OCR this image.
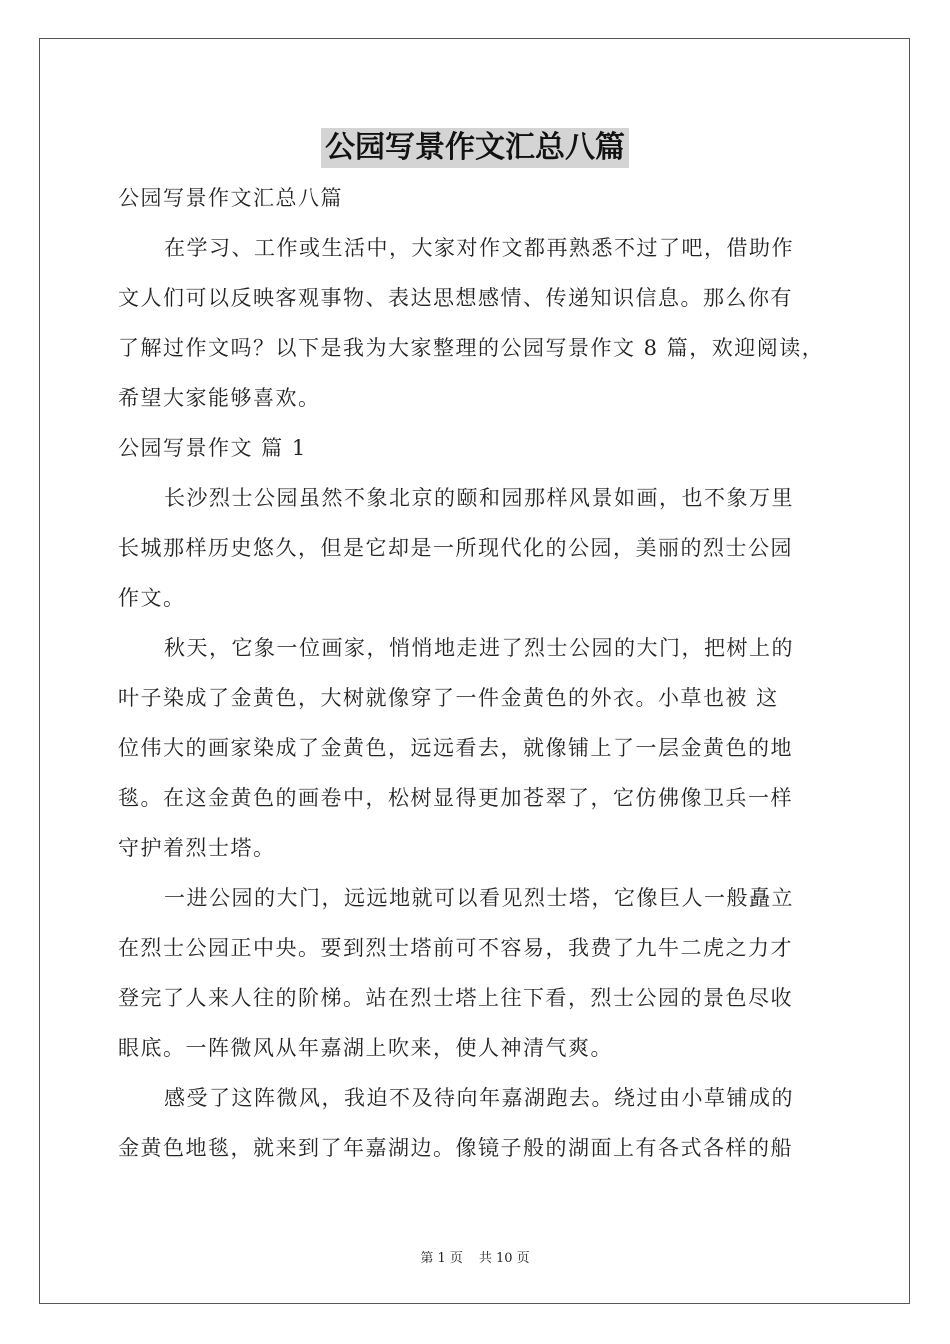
公园写景作文汇总八篇
公园写景作文汇总八篇
在学习、工作或生活中，大家对作文都再熟悉不过了吧，借助作
文人们可以反映客观事物、表达思想感情、传递知识信息。那么你有
了解过作文吗？以下是我为大家整理的公园写景作文 8 篇，欢迎阅读，
希望大家能够喜欢。
公园写景作文 篇 1
长沙烈士公园虽然不象北京的颐和园那样风景如画，也不象万里
长城那样历史悠久，但是它却是一所现代化的公园，美丽的烈士公园
作文。
秋天，它象一位画家，悄悄地走进了烈士公园的大门，把树上的
叶子染成了金黄色，大树就像穿了一件金黄色的外衣。小草也被 这
位伟大的画家染成了金黄色，远远看去，就像铺上了一层金黄色的地
毯。在这金黄色的画卷中，松树显得更加苍翠了，它仿佛像卫兵一样
守护着烈士塔。
一进公园的大门，远远地就可以看见烈士塔，它像巨人一般矗立
在烈士公园正中央。要到烈士塔前可不容易，我费了九牛二虎之力才
登完了人来人往的阶梯。站在烈士塔上往下看，烈士公园的景色尽收
眼底。一阵微风从年嘉湖上吹来，使人神清气爽。
感受了这阵微风，我迫不及待向年嘉湖跑去。绕过由小草铺成的
金黄色地毯，就来到了年嘉湖边。像镜子般的湖面上有各式各样的船
第 1 页 共 10 页
